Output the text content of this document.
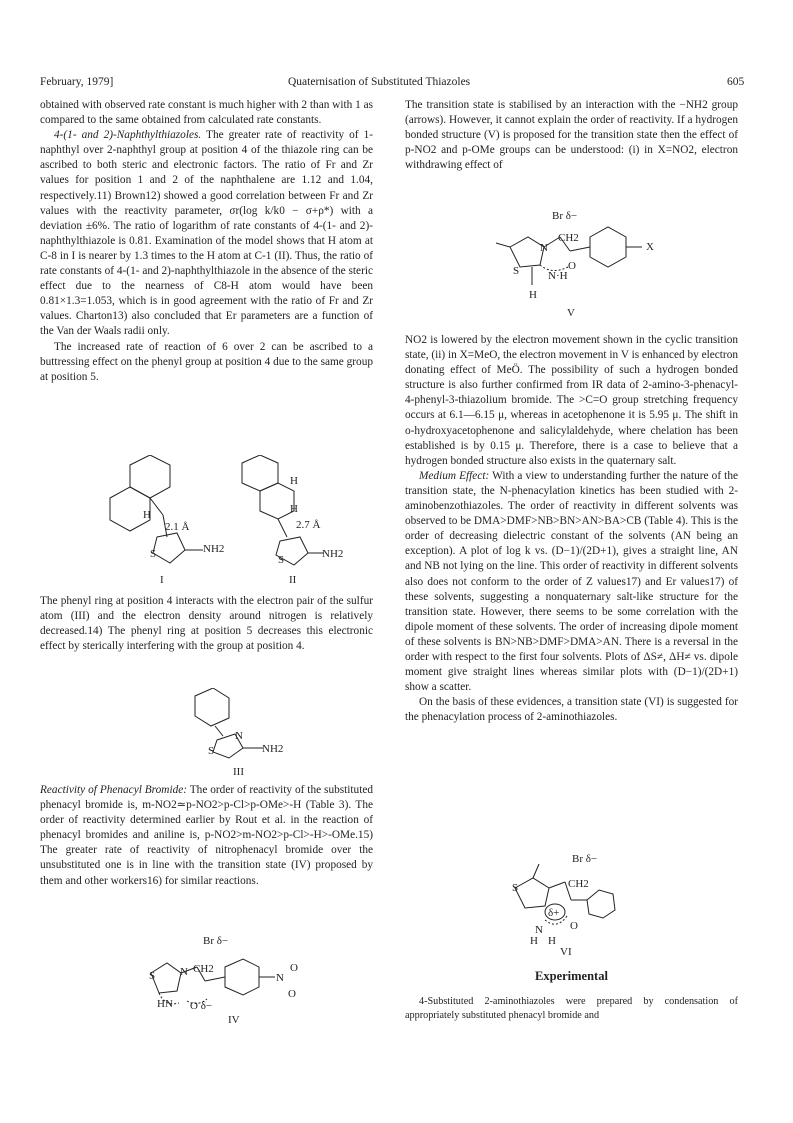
February, 1979]	Quaternisation of Substituted Thiazoles	605

obtained with observed rate constant is much higher with 2 than with 1 as compared to the same obtained from calculated rate constants.

4-(1- and 2)-Naphthylthiazoles. The greater rate of reactivity of 1-naphthyl over 2-naphthyl group at position 4 of the thiazole ring can be ascribed to both steric and electronic factors. The ratio of Fr and Zr values for position 1 and 2 of the naphthalene are 1.12 and 1.04, respectively.11) Brown12) showed a good correlation between Fr and Zr values with the reactivity parameter, σr(log k/k0 − σ+ρ*) with a deviation ±6%. The ratio of logarithm of rate constants of 4-(1- and 2)-naphthylthiazole is 0.81. Examination of the model shows that H atom at C-8 in I is nearer by 1.3 times to the H atom at C-1 (II). Thus, the ratio of rate constants of 4-(1- and 2)-naphthylthiazole in the absence of the steric effect due to the nearness of C8-H atom would have been 0.81×1.3=1.053, which is in good agreement with the ratio of Fr and Zr values. Charton13) also concluded that Er parameters are a function of the Van der Waals radii only.

The increased rate of reaction of 6 over 2 can be ascribed to a buttressing effect on the phenyl group at position 4 due to the same group at position 5.

H
2.1 Å
S	NH2
I
H
H
2.7 Å
S	NH2
II

The phenyl ring at position 4 interacts with the electron pair of the sulfur atom (III) and the electron density around nitrogen is relatively decreased.14) The phenyl ring at position 5 decreases this electronic effect by sterically interfering with the group at position 4.

N
S	NH2
III

Reactivity of Phenacyl Bromide: The order of reactivity of the substituted phenacyl bromide is, m-NO2≃p-NO2>p-Cl>p-OMe>-H (Table 3). The order of reactivity determined earlier by Rout et al. in the reaction of phenacyl bromides and aniline is, p-NO2>m-NO2>p-Cl>-H>-OMe.15) The greater rate of reactivity of nitrophenacyl bromide over the unsubstituted one is in line with the transition state (IV) proposed by them and other workers16) for similar reactions.

Br δ−
CH2
S N	N
O
O
HN O δ−
IV

The transition state is stabilised by an interaction with the −NH2 group (arrows). However, it cannot explain the order of reactivity. If a hydrogen bonded structure (V) is proposed for the transition state then the effect of p-NO2 and p-OMe groups can be understood: (i) in X=NO2, electron withdrawing effect of

Br δ−
CH2
N	X
O
S	N·H
H
V

NO2 is lowered by the electron movement shown in the cyclic transition state, (ii) in X=MeO, the electron movement in V is enhanced by electron donating effect of MeÖ. The possibility of such a hydrogen bonded structure is also further confirmed from IR data of 2-amino-3-phenacyl-4-phenyl-3-thiazolium bromide. The >C=O group stretching frequency occurs at 6.1—6.15 μ, whereas in acetophenone it is 5.95 μ. The shift in o-hydroxyacetophenone and salicylaldehyde, where chelation has been established is by 0.15 μ. Therefore, there is a case to believe that a hydrogen bonded structure also exists in the quaternary salt.

Medium Effect: With a view to understanding further the nature of the transition state, the N-phenacylation kinetics has been studied with 2-aminobenzothiazoles. The order of reactivity in different solvents was observed to be DMA>DMF>NB>BN>AN>BA>CB (Table 4). This is the order of decreasing dielectric constant of the solvents (AN being an exception). A plot of log k vs. (D−1)/(2D+1), gives a straight line, AN and NB not lying on the line. This order of reactivity in different solvents also does not conform to the order of Z values17) and Er values17) of these solvents, suggesting a nonquaternary salt-like structure for the transition state. However, there seems to be some correlation with the dipole moment of these solvents. The order of increasing dipole moment of these solvents is BN>NB>DMF>DMA>AN. There is a reversal in the order with respect to the first four solvents. Plots of ΔS≠, ΔH≠ vs. dipole moment give straight lines whereas similar plots with (D−1)/(2D+1) show a scatter.

On the basis of these evidences, a transition state (VI) is suggested for the phenacylation process of 2-aminothiazoles.

Br δ−
CH2
S
δ+
O
N
H H
VI
Experimental
4-Substituted 2-aminothiazoles were prepared by condensation of appropriately substituted phenacyl bromide and
